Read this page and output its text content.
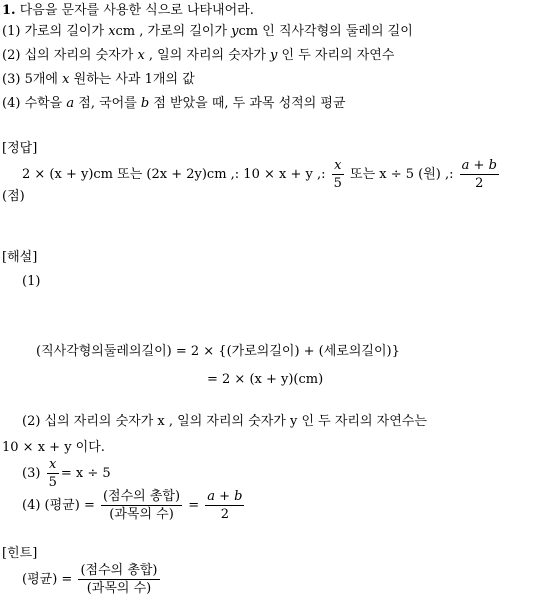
1. 다음을 문자를 사용한 식으로 나타내어라.
(1) 가로의 길이가 xcm , 가로의 길이가 ycm 인 직사각형의 둘레의 길이
(2) 십의 자리의 숫자가 x , 일의 자리의 숫자가 y 인 두 자리의 자연수
(3) 5개에 x 원하는 사과 1개의 값
(4) 수학을 a 점, 국어를 b 점 받았을 때, 두 과목 성적의 평균
[정답]
2 × (x + y)cm 또는 (2x + 2y)cm ,: 10 × x + y ,: $\frac{x}{5}$ 또는 x ÷ 5 (원) ,: $\frac{a + b}{2}$
(점)
[해설]
(1)
(직사각형의둘레의길이) = 2 × {(가로의길이) + (세로의길이)}
= 2 × (x + y)(cm)
(2) 십의 자리의 숫자가 x , 일의 자리의 숫자가 y 인 두 자리의 자연수는
10 × x + y 이다.
$(3) \frac{x}{5} = x \div 5$
(4) (평균) = $\frac{\text{(점수의 총합)}}{\text{(과목의 수)}} = \frac{a + b}{2}$
[힌트]
(평균) = $\frac{\text{(점수의 총합)}}{\text{(과목의 수)}}$
